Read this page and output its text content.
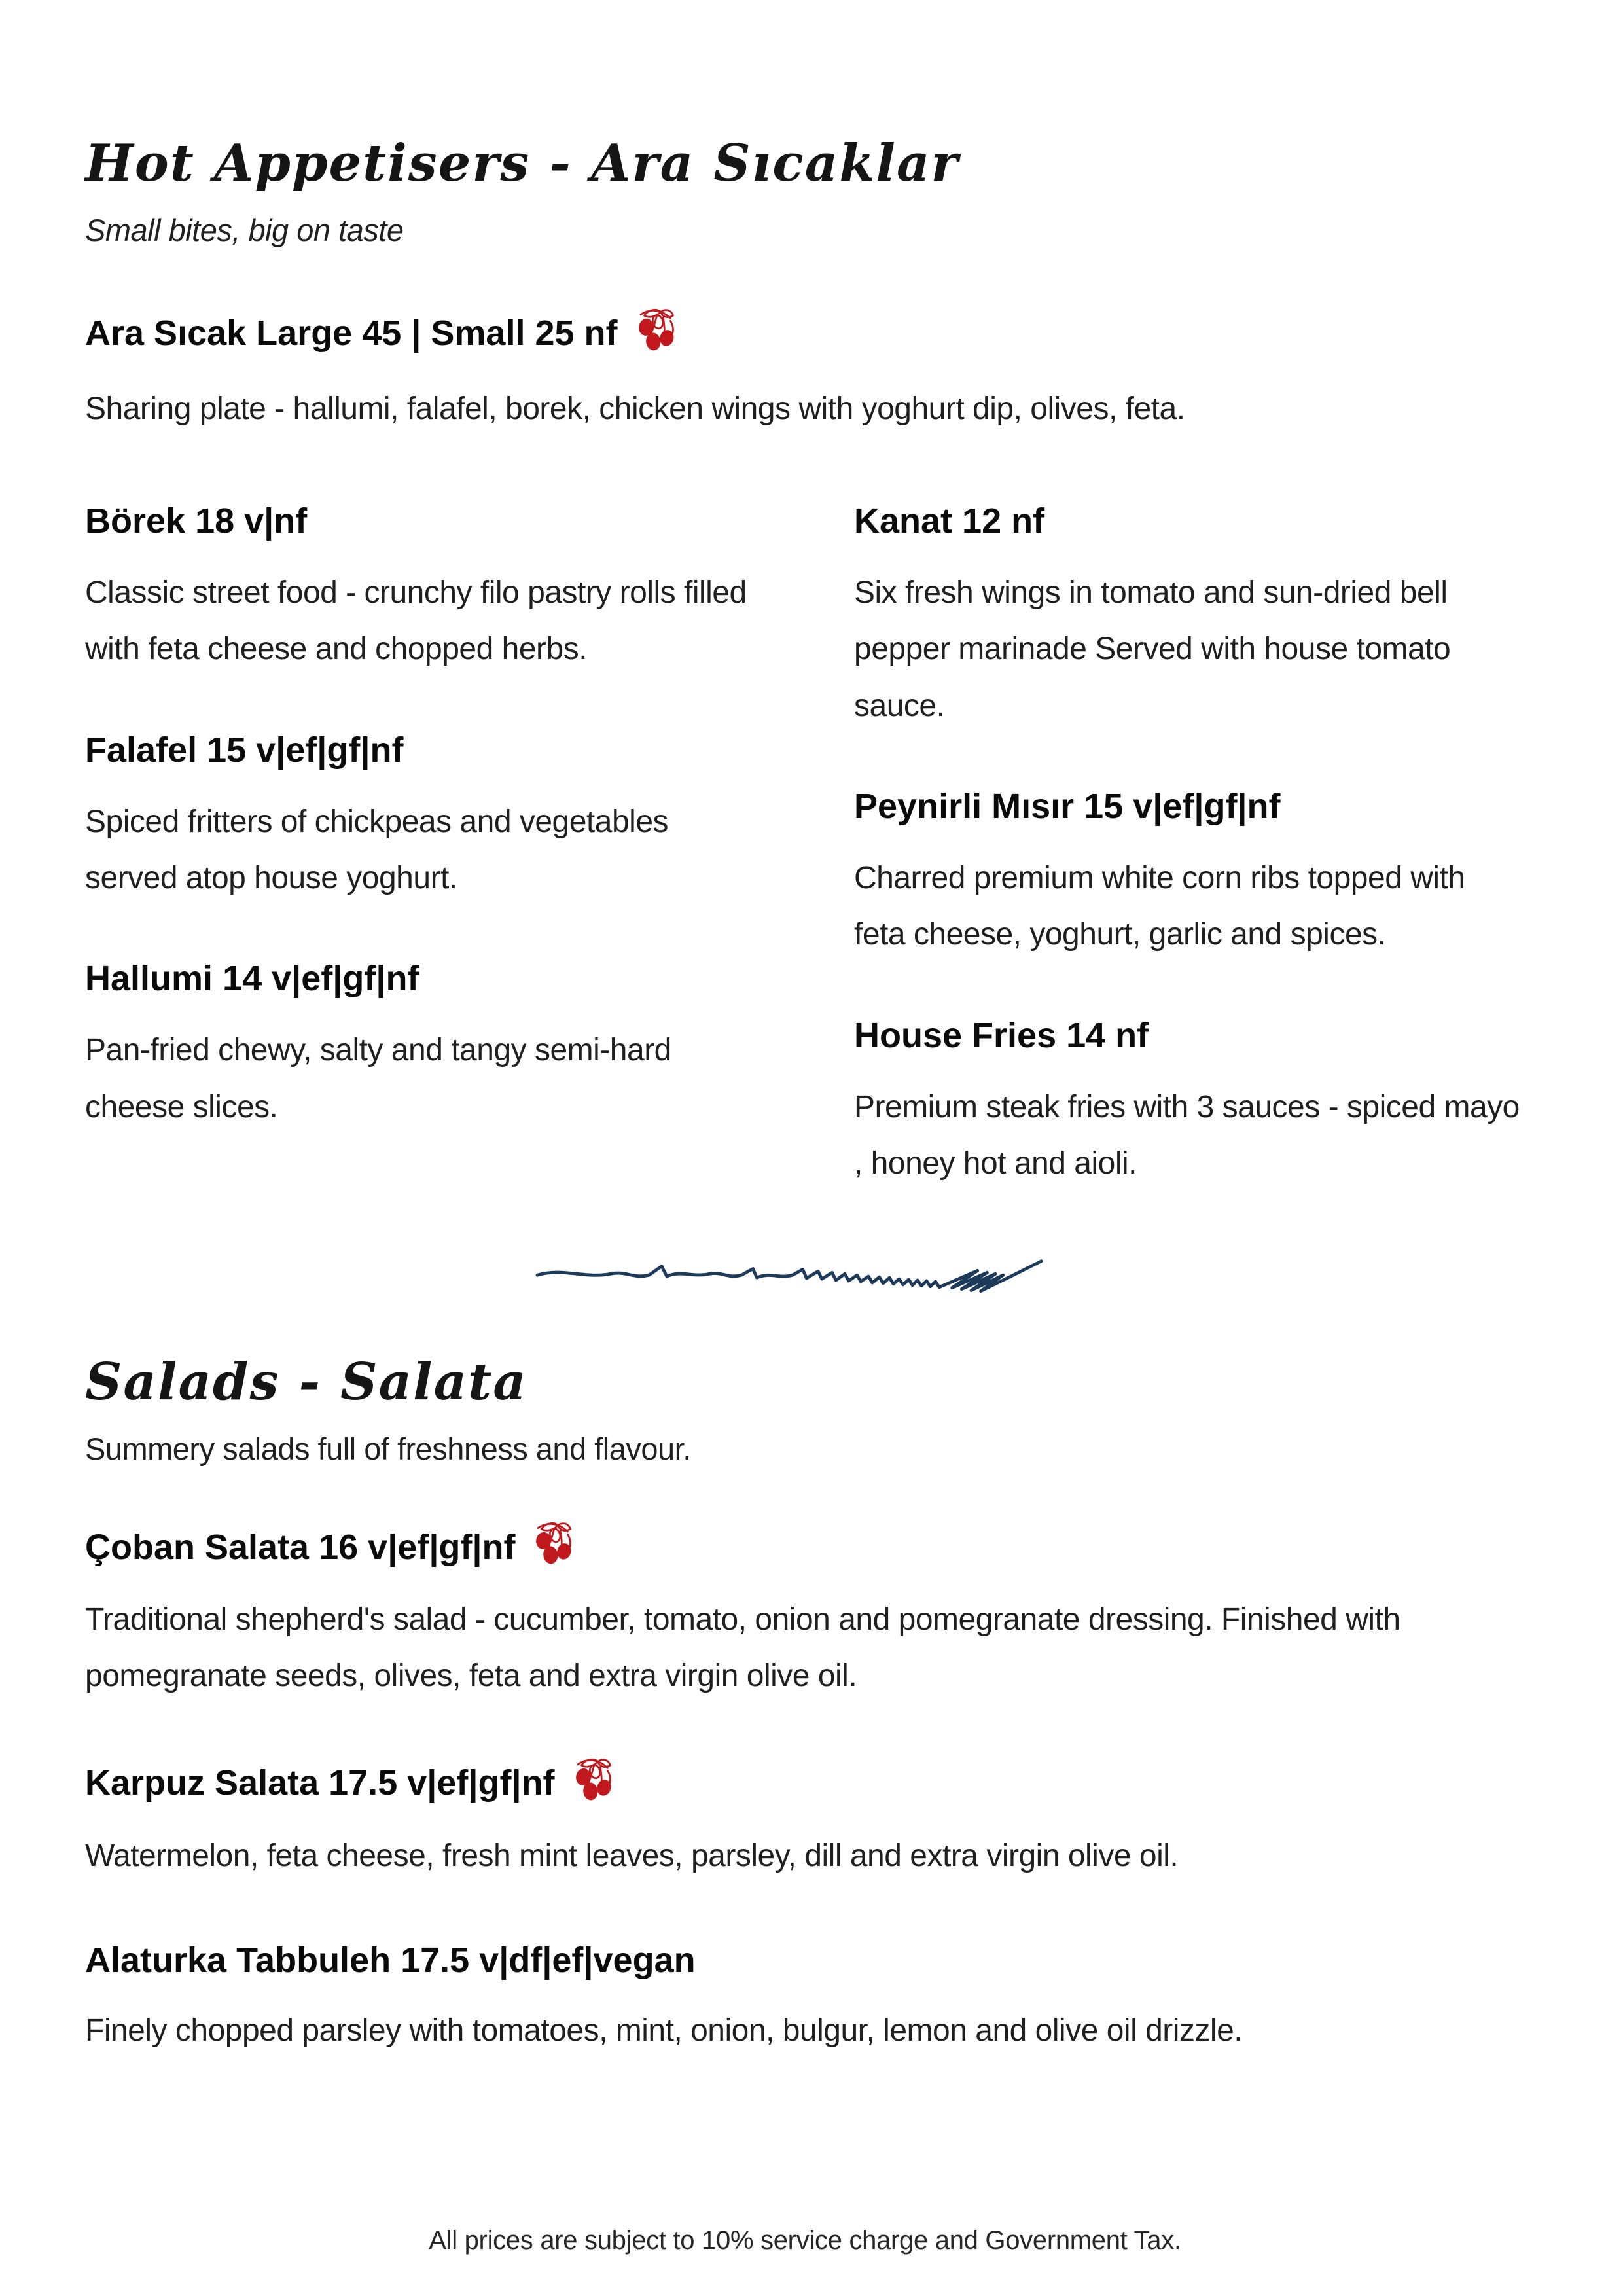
Hot Appetisers - Ara Sıcaklar
Small bites, big on taste
Ara Sıcak Large 45 | Small 25 nf
Sharing plate - hallumi, falafel, borek, chicken wings with yoghurt dip, olives, feta.
Börek 18 v|nf
Classic street food - crunchy filo pastry rolls filled with feta cheese and chopped herbs.
Falafel 15 v|ef|gf|nf
Spiced fritters of chickpeas and vegetables served atop house yoghurt.
Hallumi 14 v|ef|gf|nf
Pan-fried chewy, salty and tangy semi-hard cheese slices.
Kanat 12 nf
Six fresh wings in tomato and sun-dried bell pepper marinade Served with house tomato sauce.
Peynirli Mısır 15 v|ef|gf|nf
Charred premium white corn ribs topped with feta cheese, yoghurt, garlic and spices.
House Fries 14 nf
Premium steak fries with 3 sauces - spiced mayo , honey hot and aioli.
Salads - Salata
Summery salads full of freshness and flavour.
Çoban Salata 16 v|ef|gf|nf
Traditional shepherd's salad - cucumber, tomato, onion and pomegranate dressing. Finished with pomegranate seeds, olives, feta and extra virgin olive oil.
Karpuz Salata 17.5 v|ef|gf|nf
Watermelon, feta cheese, fresh mint leaves, parsley, dill and extra virgin olive oil.
Alaturka Tabbuleh 17.5 v|df|ef|vegan
Finely chopped parsley with tomatoes, mint, onion, bulgur, lemon and olive oil drizzle.
All prices are subject to 10% service charge and Government Tax.
